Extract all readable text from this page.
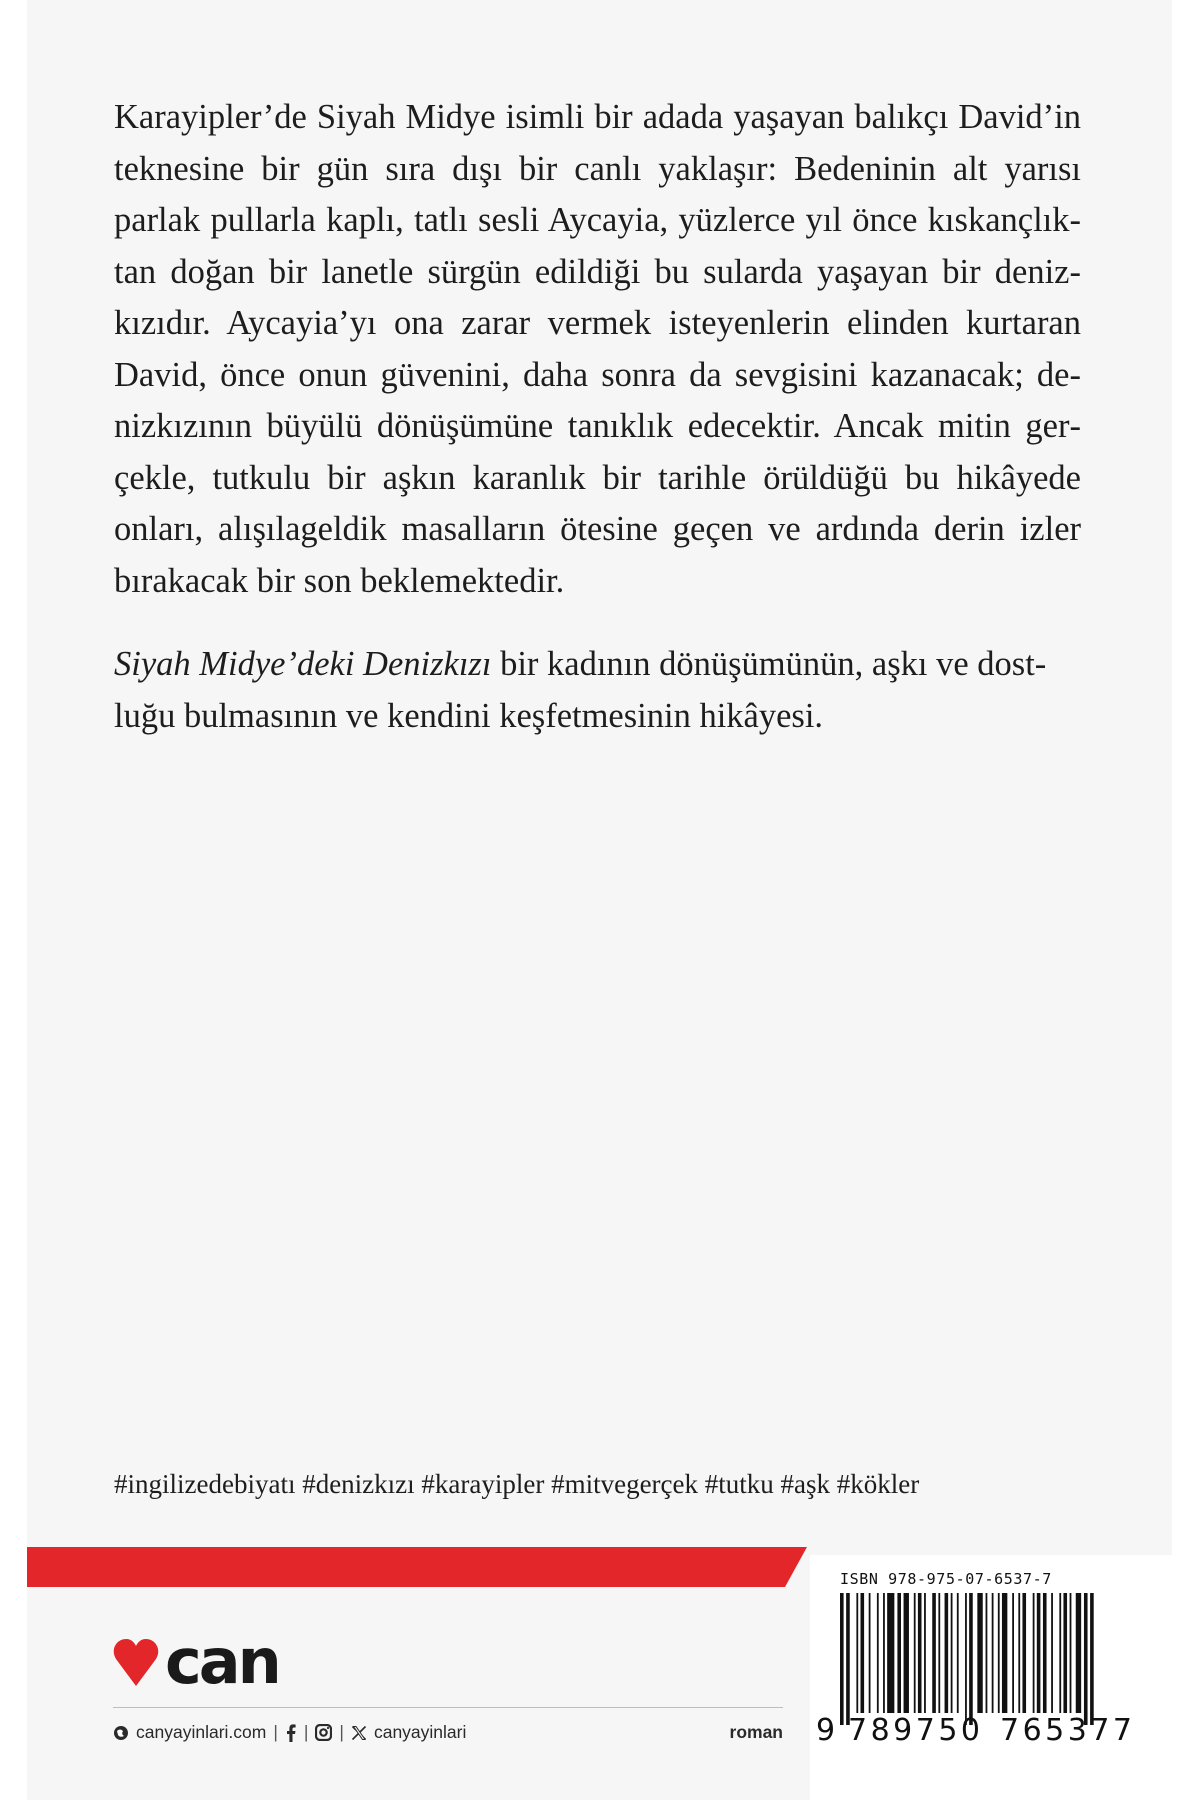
Karayipler’de Siyah Midye isimli bir adada yaşayan balıkçı David’in teknesine bir gün sıra dışı bir canlı yaklaşır: Bedeninin alt yarısı parlak pullarla kaplı, tatlı sesli Aycayia, yüzlerce yıl önce kıskançlıktan doğan bir lanetle sürgün edildiği bu sularda yaşayan bir denizkızıdır. Aycayia’yı ona zarar vermek isteyenlerin elinden kurtaran David, önce onun güvenini, daha sonra da sevgisini kazanacak; denizkızının büyülü dönüşümüne tanıklık edecektir. Ancak mitin gerçekle, tutkulu bir aşkın karanlık bir tarihle örüldüğü bu hikâyede onları, alışılageldik masalların ötesine geçen ve ardında derin izler bırakacak bir son beklemektedir.

Siyah Midye’deki Denizkızı bir kadının dönüşümünün, aşkı ve dostluğu bulmasının ve kendini keşfetmesinin hikâyesi.

#ingilizedebiyatı #denizkızı #karayipler #mitvegerçek #tutku #aşk #kökler
can
canyayinlari.com | | | canyayinlari	roman
ISBN 978-975-07-6537-7
9 789750 765377
